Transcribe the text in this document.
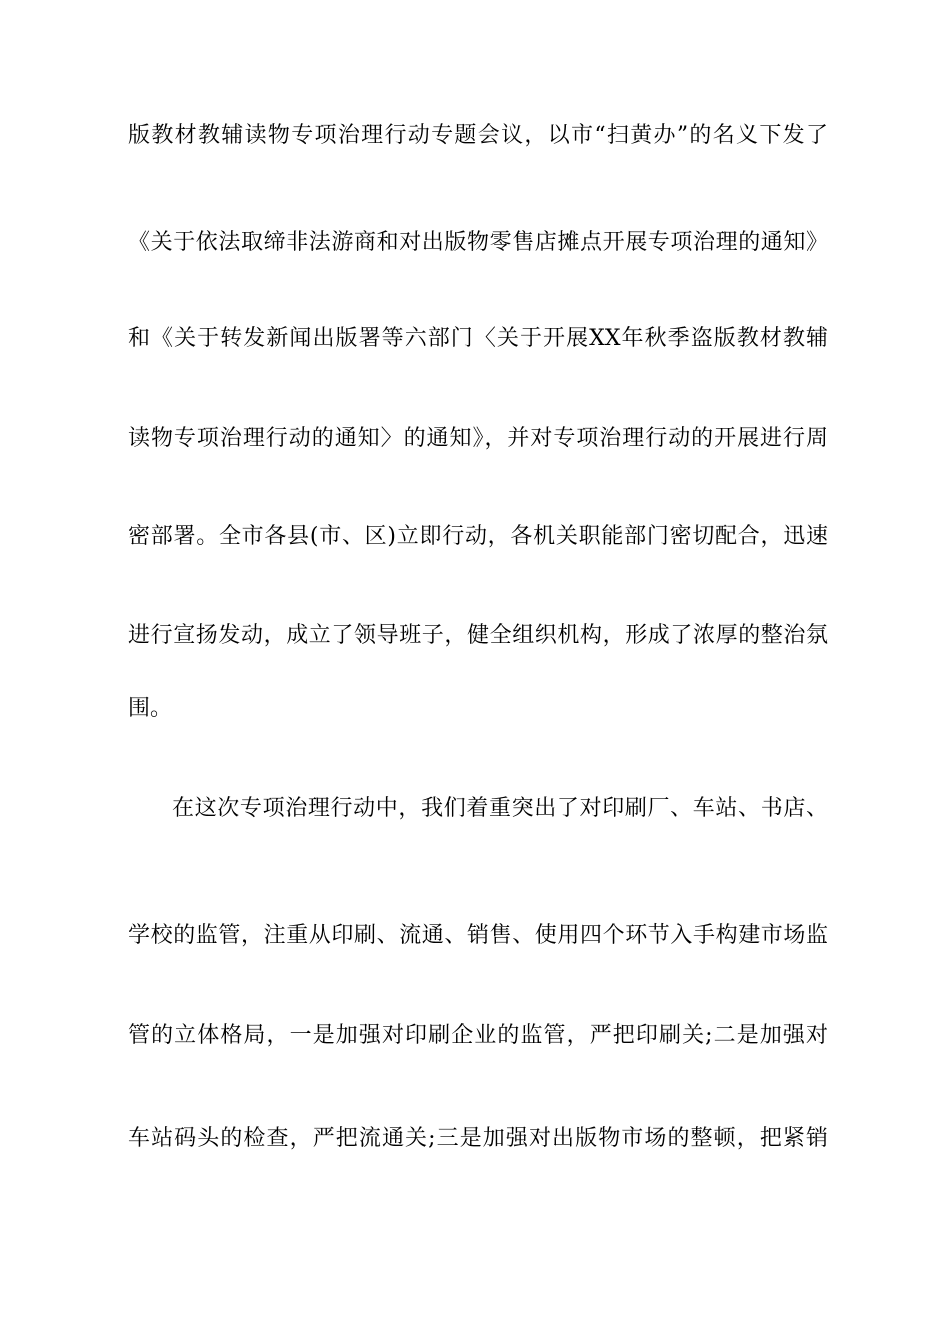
版教材教辅读物专项治理行动专题会议，以市“扫黄办”的名义下发了
《关于依法取缔非法游商和对出版物零售店摊点开展专项治理的通知》
和《关于转发新闻出版署等六部门〈关于开展XX年秋季盗版教材教辅
读物专项治理行动的通知〉的通知》，并对专项治理行动的开展进行周
密部署。全市各县(市、区)立即行动，各机关职能部门密切配合，迅速
进行宣扬发动，成立了领导班子，健全组织机构，形成了浓厚的整治氛
围。
在这次专项治理行动中，我们着重突出了对印刷厂、车站、书店、
学校的监管，注重从印刷、流通、销售、使用四个环节入手构建市场监
管的立体格局，一是加强对印刷企业的监管，严把印刷关;二是加强对
车站码头的检查，严把流通关;三是加强对出版物市场的整顿，把紧销
